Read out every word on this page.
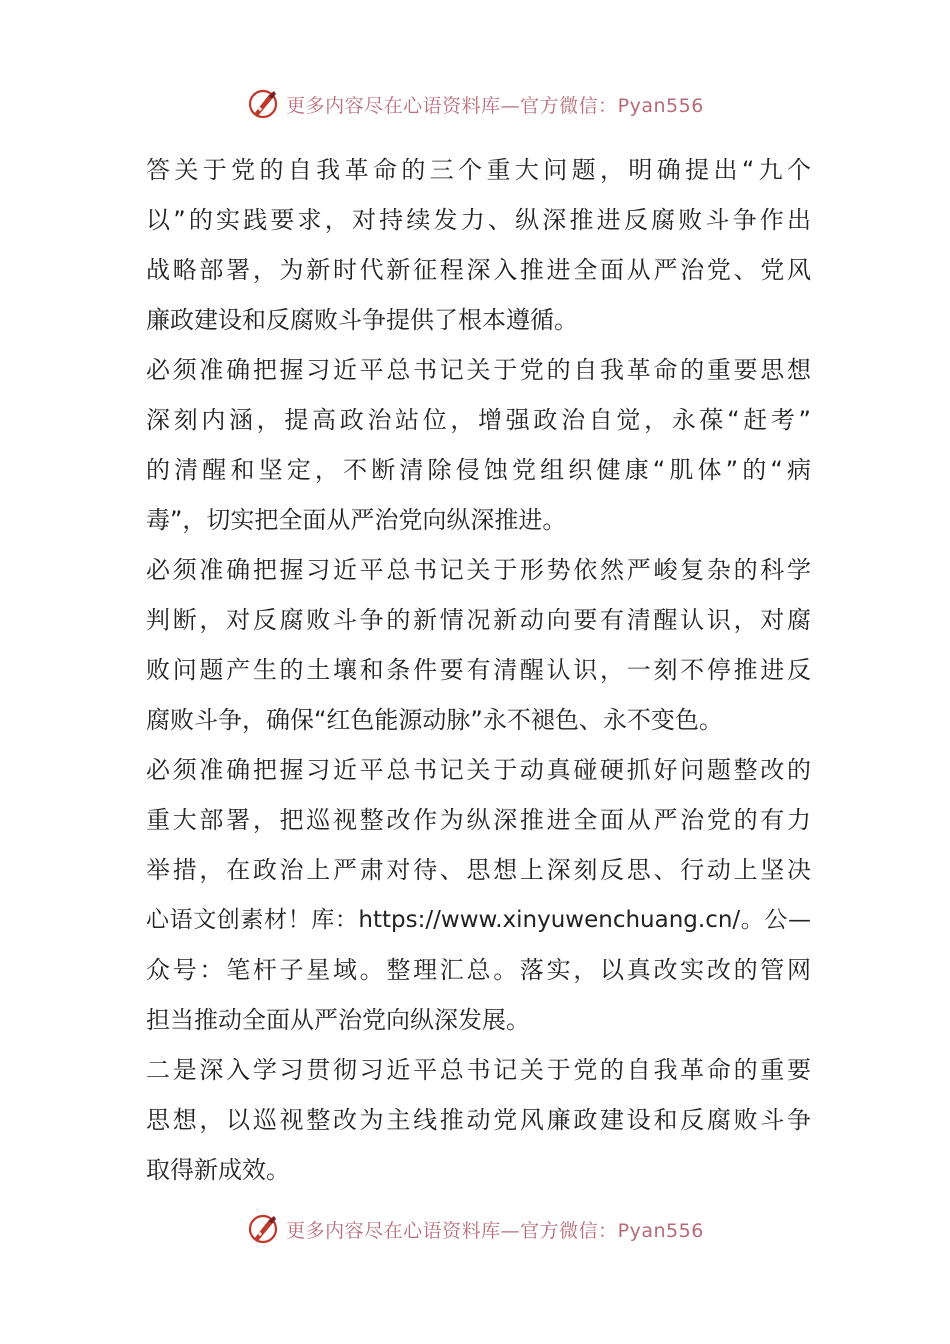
更多内容尽在心语资料库—官方微信：Pyan556
答关于党的自我革命的三个重大问题，明确提出“九个
以”的实践要求，对持续发力、纵深推进反腐败斗争作出
战略部署，为新时代新征程深入推进全面从严治党、党风
廉政建设和反腐败斗争提供了根本遵循。
必须准确把握习近平总书记关于党的自我革命的重要思想
深刻内涵，提高政治站位，增强政治自觉，永葆“赶考”
的清醒和坚定，不断清除侵蚀党组织健康“肌体”的“病
毒”，切实把全面从严治党向纵深推进。
必须准确把握习近平总书记关于形势依然严峻复杂的科学
判断，对反腐败斗争的新情况新动向要有清醒认识，对腐
败问题产生的土壤和条件要有清醒认识，一刻不停推进反
腐败斗争，确保“红色能源动脉”永不褪色、永不变色。
必须准确把握习近平总书记关于动真碰硬抓好问题整改的
重大部署，把巡视整改作为纵深推进全面从严治党的有力
举措，在政治上严肃对待、思想上深刻反思、行动上坚决
心语文创素材！库：https://www.xinyuwenchuang.cn/。公—
众号：笔杆子星域。整理汇总。落实，以真改实改的管网
担当推动全面从严治党向纵深发展。
二是深入学习贯彻习近平总书记关于党的自我革命的重要
思想，以巡视整改为主线推动党风廉政建设和反腐败斗争
取得新成效。
更多内容尽在心语资料库—官方微信：Pyan556
